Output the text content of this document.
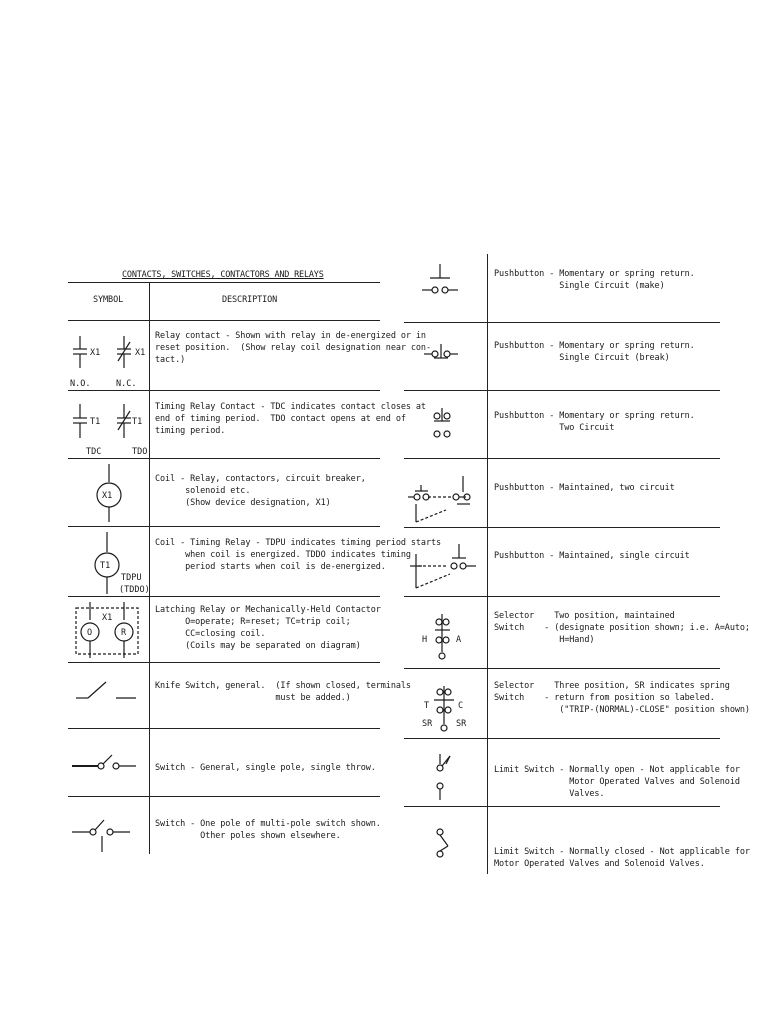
CONTACTS, SWITCHES, CONTACTORS AND RELAYS
SYMBOL	DESCRIPTION
Relay contact - Shown with relay in de-energized or in
reset position.  (Show relay coil designation near con-
tact.)
X1	X1
N.O.	N.C.
Timing Relay Contact - TDC indicates contact closes at
end of timing period.  TDO contact opens at end of
timing period.
T1	T1
TDC	TDO
Coil - Relay, contactors, circuit breaker,
solenoid etc.
(Show device designation, X1)
X1
Coil - Timing Relay - TDPU indicates timing period starts
when coil is energized. TDDO indicates timing
period starts when coil is de-energized.
T1
TDPU
(TDDO)
Latching Relay or Mechanically-Held Contactor
O=operate; R=reset; TC=trip coil;
CC=closing coil.
(Coils may be separated on diagram)
X1
O	R
Knife Switch, general.  (If shown closed, terminals
must be added.)
Switch - General, single pole, single throw.
Switch - One pole of multi-pole switch shown.
Other poles shown elsewhere.
Pushbutton - Momentary or spring return.
Single Circuit (make)
Pushbutton - Momentary or spring return.
Single Circuit (break)
Pushbutton - Momentary or spring return.
Two Circuit
Pushbutton - Maintained, two circuit
Pushbutton - Maintained, single circuit
Selector    Two position, maintained
Switch    - (designate position shown; i.e. A=Auto;
H=Hand)
H	A
Selector    Three position, SR indicates spring
Switch    - return from position so labeled.
("TRIP-(NORMAL)-CLOSE" position shown)
T	C
SR	SR
Limit Switch - Normally open - Not applicable for
Motor Operated Valves and Solenoid
Valves.
Limit Switch - Normally closed - Not applicable for
Motor Operated Valves and Solenoid Valves.
